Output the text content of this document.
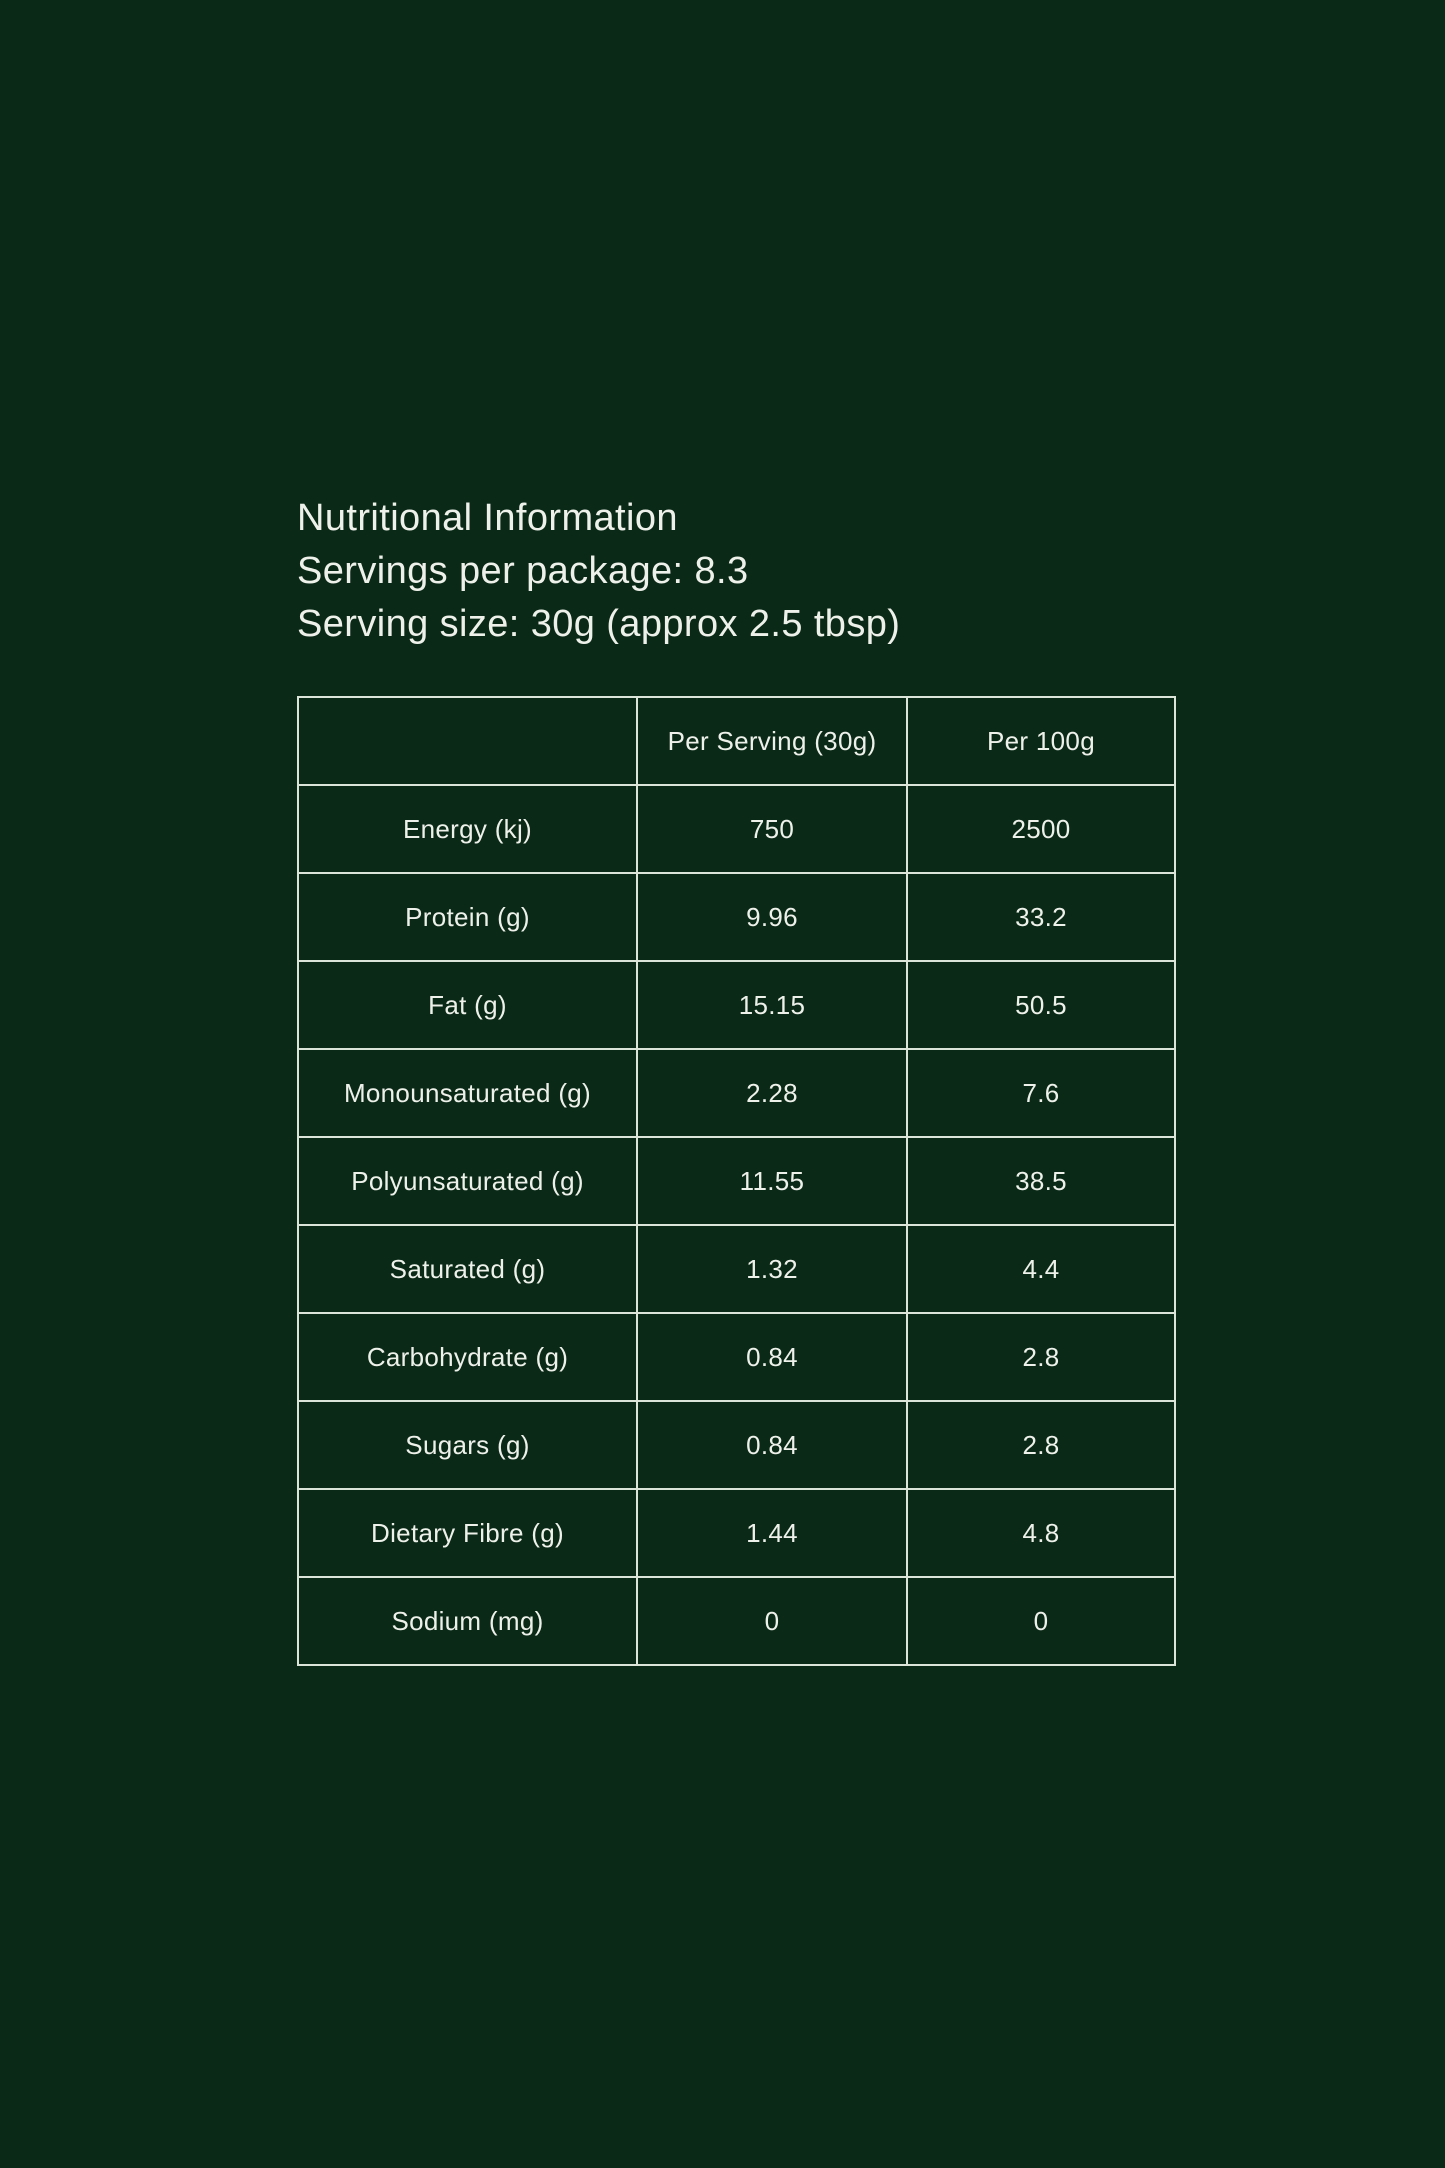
Nutritional Information
Servings per package: 8.3
Serving size: 30g (approx 2.5 tbsp)
	Per Serving (30g)	Per 100g
Energy (kj)	750	2500
Protein (g)	9.96	33.2
Fat (g)	15.15	50.5
Monounsaturated (g)	2.28	7.6
Polyunsaturated (g)	11.55	38.5
Saturated (g)	1.32	4.4
Carbohydrate (g)	0.84	2.8
Sugars (g)	0.84	2.8
Dietary Fibre (g)	1.44	4.8
Sodium (mg)	0	0
